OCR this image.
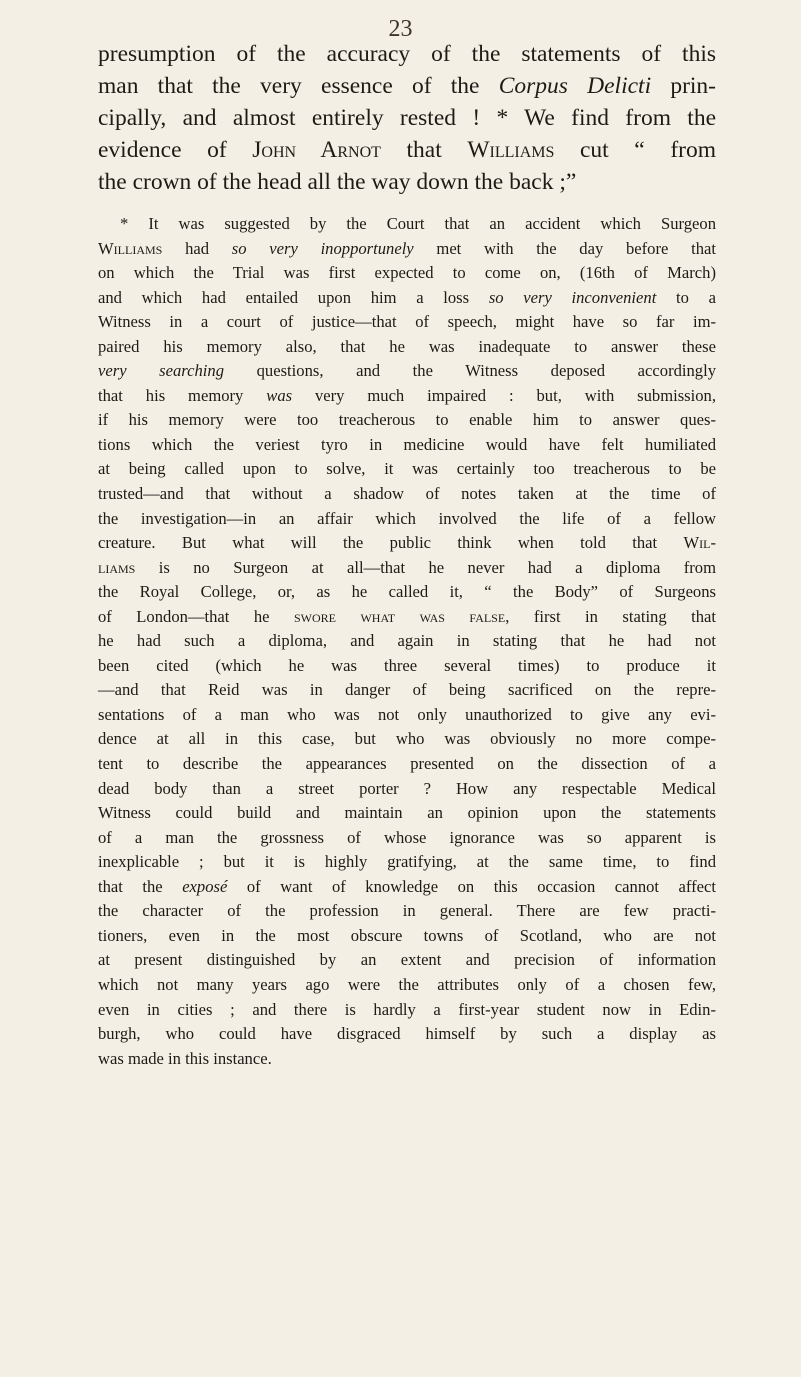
23

presumption of the accuracy of the statements of this
man that the very essence of the Corpus Delicti prin-
cipally, and almost entirely rested ! * We find from the
evidence of John Arnot that Williams cut “ from
the crown of the head all the way down the back ;”

* It was suggested by the Court that an accident which Surgeon
Williams had so very inopportunely met with the day before that
on which the Trial was first expected to come on, (16th of March)
and which had entailed upon him a loss so very inconvenient to a
Witness in a court of justice—that of speech, might have so far im-
paired his memory also, that he was inadequate to answer these
very searching questions, and the Witness deposed accordingly
that his memory was very much impaired : but, with submission,
if his memory were too treacherous to enable him to answer ques-
tions which the veriest tyro in medicine would have felt humiliated
at being called upon to solve, it was certainly too treacherous to be
trusted—and that without a shadow of notes taken at the time of
the investigation—in an affair which involved the life of a fellow
creature. But what will the public think when told that Wil-
liams is no Surgeon at all—that he never had a diploma from
the Royal College, or, as he called it, “ the Body” of Surgeons
of London—that he swore what was false, first in stating that
he had such a diploma, and again in stating that he had not
been cited (which he was three several times) to produce it
—and that Reid was in danger of being sacrificed on the repre-
sentations of a man who was not only unauthorized to give any evi-
dence at all in this case, but who was obviously no more compe-
tent to describe the appearances presented on the dissection of a
dead body than a street porter ? How any respectable Medical
Witness could build and maintain an opinion upon the statements
of a man the grossness of whose ignorance was so apparent is
inexplicable ; but it is highly gratifying, at the same time, to find
that the exposé of want of knowledge on this occasion cannot affect
the character of the profession in general. There are few practi-
tioners, even in the most obscure towns of Scotland, who are not
at present distinguished by an extent and precision of information
which not many years ago were the attributes only of a chosen few,
even in cities ; and there is hardly a first-year student now in Edin-
burgh, who could have disgraced himself by such a display as
was made in this instance.
